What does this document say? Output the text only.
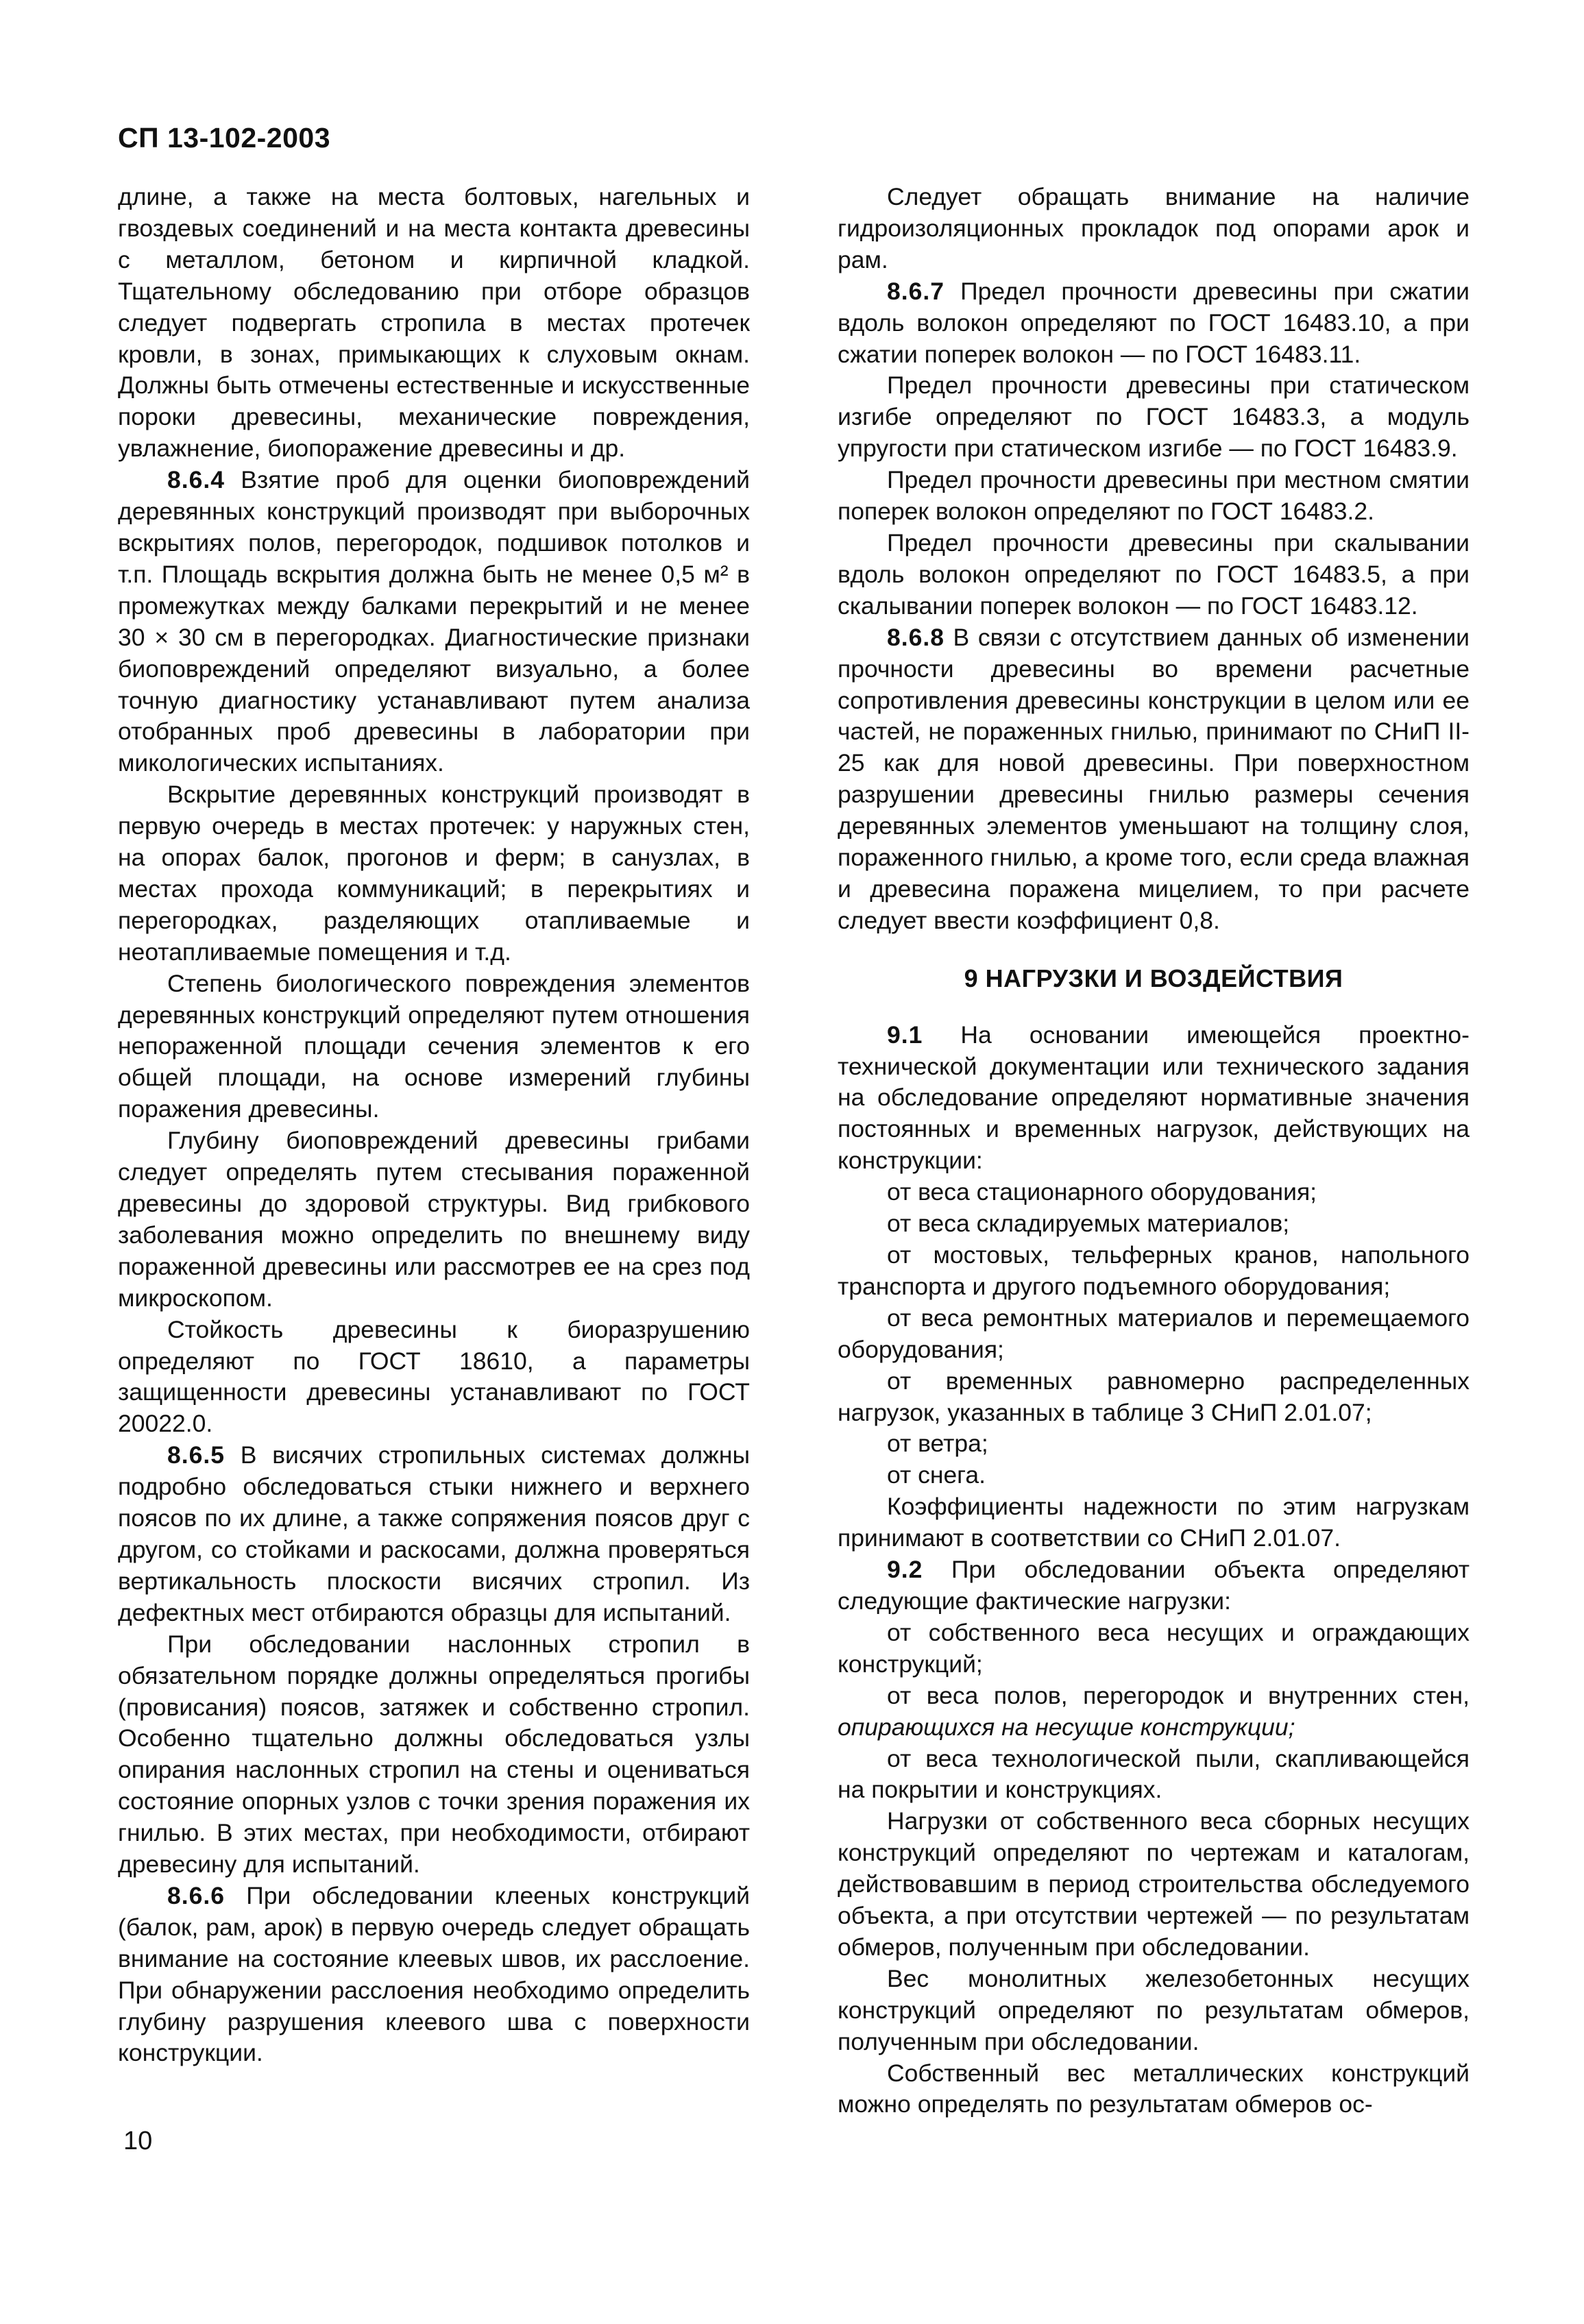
СП 13-102-2003

длине, а также на места болтовых, нагельных и гвоздевых соединений и на места контакта древесины с металлом, бетоном и кирпичной кладкой. Тщательному обследованию при отборе образцов следует подвергать стропила в местах протечек кровли, в зонах, примыкающих к слуховым окнам. Должны быть отмечены естественные и искусственные пороки древесины, механические повреждения, увлажнение, биопоражение древесины и др.

8.6.4 Взятие проб для оценки биоповреждений деревянных конструкций производят при выборочных вскрытиях полов, перегородок, подшивок потолков и т.п. Площадь вскрытия должна быть не менее 0,5 м² в промежутках между балками перекрытий и не менее 30 × 30 см в перегородках. Диагностические признаки биоповреждений определяют визуально, а более точную диагностику устанавливают путем анализа отобранных проб древесины в лаборатории при микологических испытаниях.

Вскрытие деревянных конструкций производят в первую очередь в местах протечек: у наружных стен, на опорах балок, прогонов и ферм; в санузлах, в местах прохода коммуникаций; в перекрытиях и перегородках, разделяющих отапливаемые и неотапливаемые помещения и т.д.

Степень биологического повреждения элементов деревянных конструкций определяют путем отношения непораженной площади сечения элементов к его общей площади, на основе измерений глубины поражения древесины.

Глубину биоповреждений древесины грибами следует определять путем стесывания пораженной древесины до здоровой структуры. Вид грибкового заболевания можно определить по внешнему виду пораженной древесины или рассмотрев ее на срез под микроскопом.

Стойкость древесины к биоразрушению определяют по ГОСТ 18610, а параметры защищенности древесины устанавливают по ГОСТ 20022.0.

8.6.5 В висячих стропильных системах должны подробно обследоваться стыки нижнего и верхнего поясов по их длине, а также сопряжения поясов друг с другом, со стойками и раскосами, должна проверяться вертикальность плоскости висячих стропил. Из дефектных мест отбираются образцы для испытаний.

При обследовании наслонных стропил в обязательном порядке должны определяться прогибы (провисания) поясов, затяжек и собственно стропил. Особенно тщательно должны обследоваться узлы опирания наслонных стропил на стены и оцениваться состояние опорных узлов с точки зрения поражения их гнилью. В этих местах, при необходимости, отбирают древесину для испытаний.

8.6.6 При обследовании клееных конструкций (балок, рам, арок) в первую очередь следует обращать внимание на состояние клеевых швов, их расслоение. При обнаружении расслоения необходимо определить глубину разрушения клеевого шва с поверхности конструкции.

Следует обращать внимание на наличие гидроизоляционных прокладок под опорами арок и рам.

8.6.7 Предел прочности древесины при сжатии вдоль волокон определяют по ГОСТ 16483.10, а при сжатии поперек волокон — по ГОСТ 16483.11.

Предел прочности древесины при статическом изгибе определяют по ГОСТ 16483.3, а модуль упругости при статическом изгибе — по ГОСТ 16483.9.

Предел прочности древесины при местном смятии поперек волокон определяют по ГОСТ 16483.2.

Предел прочности древесины при скалывании вдоль волокон определяют по ГОСТ 16483.5, а при скалывании поперек волокон — по ГОСТ 16483.12.

8.6.8 В связи с отсутствием данных об изменении прочности древесины во времени расчетные сопротивления древесины конструкции в целом или ее частей, не пораженных гнилью, принимают по СНиП II-25 как для новой древесины. При поверхностном разрушении древесины гнилью размеры сечения деревянных элементов уменьшают на толщину слоя, пораженного гнилью, а кроме того, если среда влажная и древесина поражена мицелием, то при расчете следует ввести коэффициент 0,8.

9 НАГРУЗКИ И ВОЗДЕЙСТВИЯ

9.1 На основании имеющейся проектно-технической документации или технического задания на обследование определяют нормативные значения постоянных и временных нагрузок, действующих на конструкции:

от веса стационарного оборудования;

от веса складируемых материалов;

от мостовых, тельферных кранов, напольного транспорта и другого подъемного оборудования;

от веса ремонтных материалов и перемещаемого оборудования;

от временных равномерно распределенных нагрузок, указанных в таблице 3 СНиП 2.01.07;

от ветра;

от снега.

Коэффициенты надежности по этим нагрузкам принимают в соответствии со СНиП 2.01.07.

9.2 При обследовании объекта определяют следующие фактические нагрузки:

от собственного веса несущих и ограждающих конструкций;

от веса полов, перегородок и внутренних стен, опирающихся на несущие конструкции;

от веса технологической пыли, скапливающейся на покрытии и конструкциях.

Нагрузки от собственного веса сборных несущих конструкций определяют по чертежам и каталогам, действовавшим в период строительства обследуемого объекта, а при отсутствии чертежей — по результатам обмеров, полученным при обследовании.

Вес монолитных железобетонных несущих конструкций определяют по результатам обмеров, полученным при обследовании.

Собственный вес металлических конструкций можно определять по результатам обмеров ос-

10
